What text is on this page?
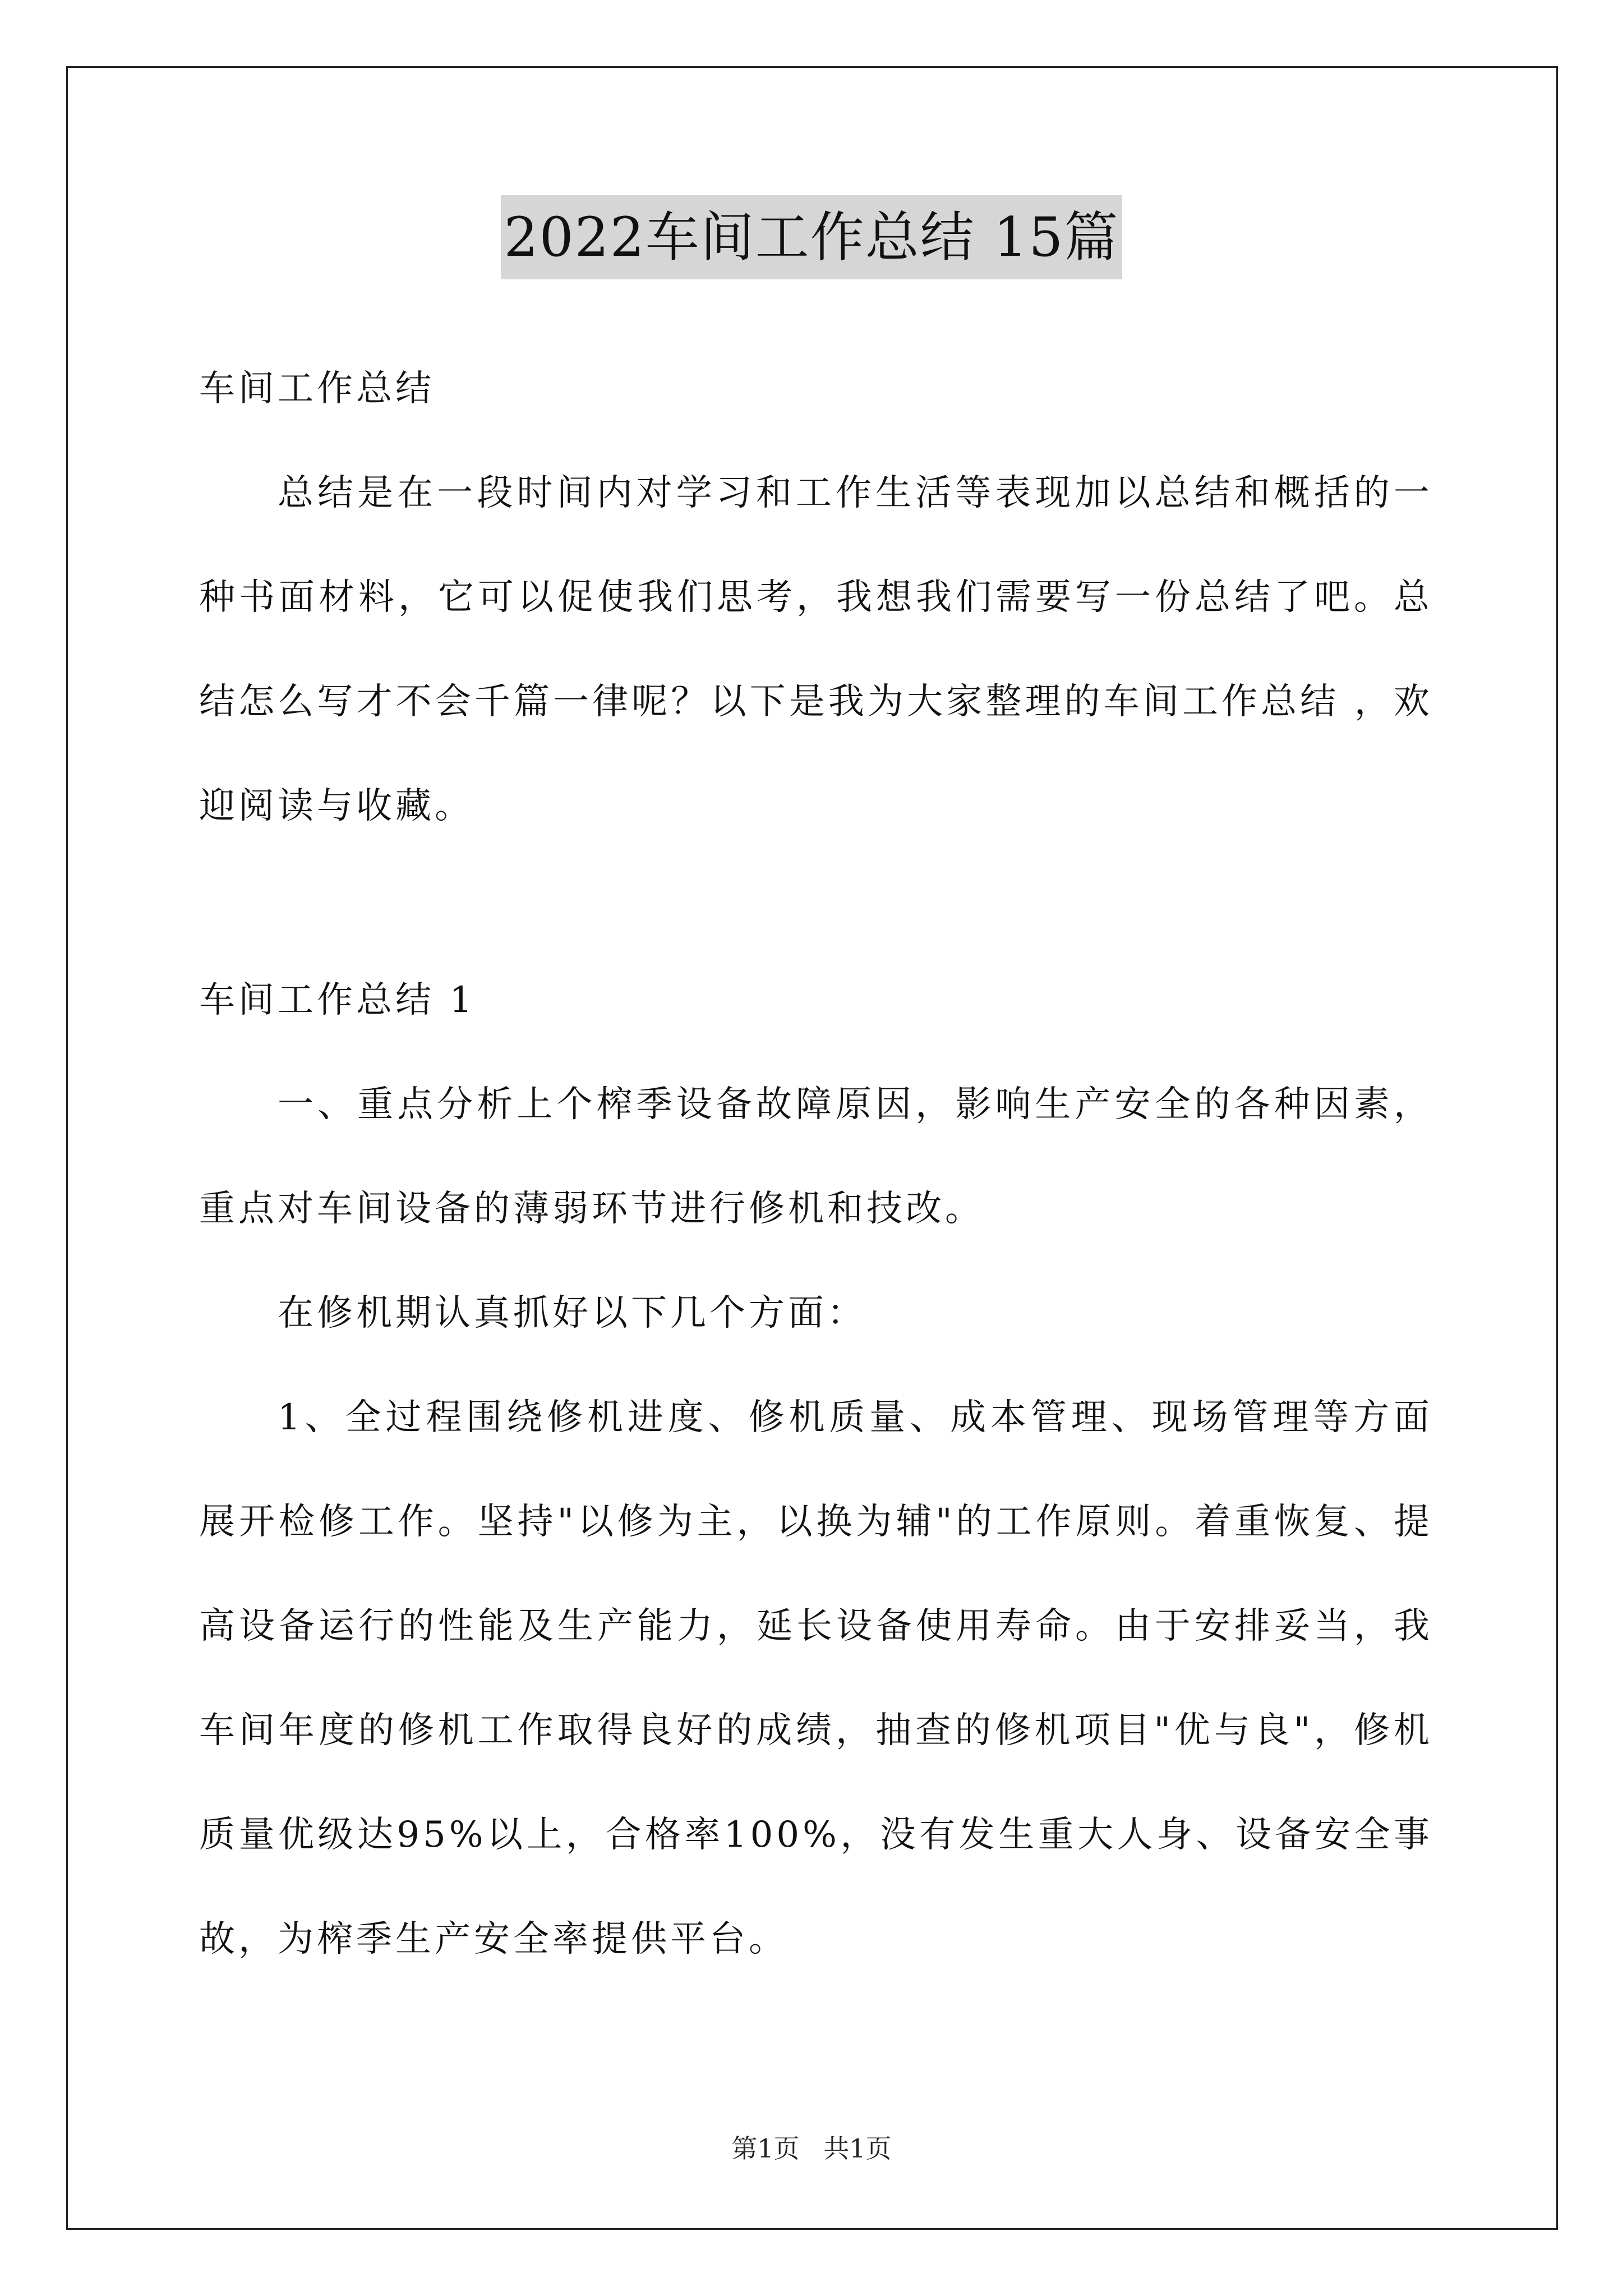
2022车间工作总结 15篇

车间工作总结

总结是在一段时间内对学习和工作生活等表现加以总结和概括的一种书面材料，它可以促使我们思考，我想我们需要写一份总结了吧。总结怎么写才不会千篇一律呢？以下是我为大家整理的车间工作总结 ，欢迎阅读与收藏。

车间工作总结 1

一、重点分析上个榨季设备故障原因，影响生产安全的各种因素，重点对车间设备的薄弱环节进行修机和技改。

在修机期认真抓好以下几个方面：

1、全过程围绕修机进度、修机质量、成本管理、现场管理等方面展开检修工作。坚持"以修为主，以换为辅"的工作原则。着重恢复、提高设备运行的性能及生产能力，延长设备使用寿命。由于安排妥当，我车间年度的修机工作取得良好的成绩，抽查的修机项目"优与良"，修机质量优级达95%以上，合格率100%，没有发生重大人身、设备安全事故，为榨季生产安全率提供平台。

第1页 共1页
